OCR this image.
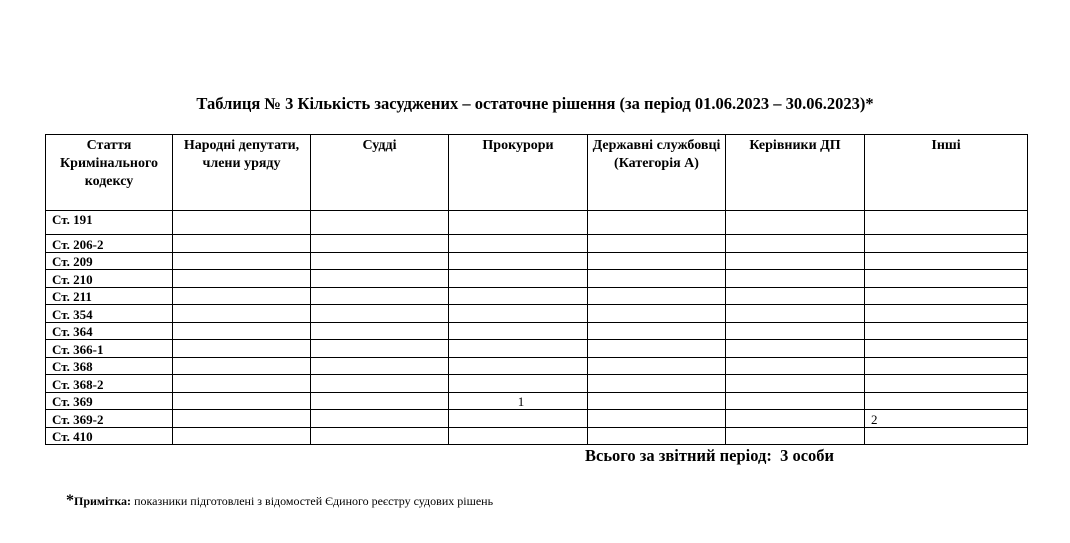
Таблиця № 3 Кількість засуджених – остаточне рішення (за період 01.06.2023 – 30.06.2023)*
Стаття Кримінального кодексу	Народні депутати, члени уряду	Судді	Прокурори	Державні службовці (Категорія А)	Керівники ДП	Інші
Ст. 191						
Ст. 206-2						
Ст. 209						
Ст. 210						
Ст. 211						
Ст. 354						
Ст. 364						
Ст. 366-1						
Ст. 368						
Ст. 368-2						
Ст. 369			1			
Ст. 369-2						2
Ст. 410						
Всього за звітний період:  3 особи
*Примітка: показники підготовлені з відомостей Єдиного реєстру судових рішень
